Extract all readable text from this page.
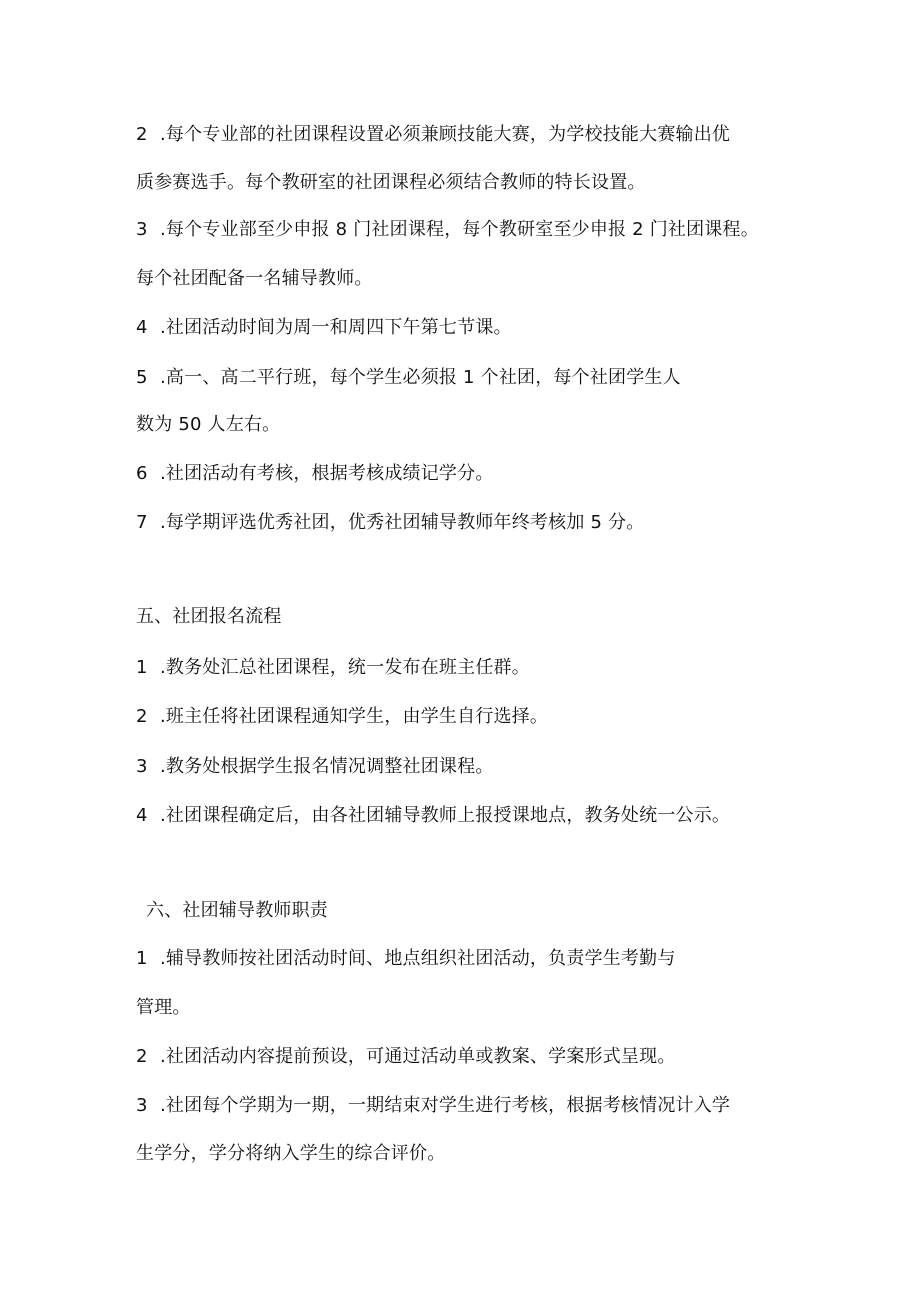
2 .每个专业部的社团课程设置必须兼顾技能大赛，为学校技能大赛输出优
质参赛选手。每个教研室的社团课程必须结合教师的特长设置。
3 .每个专业部至少申报 8 门社团课程，每个教研室至少申报 2 门社团课程。
每个社团配备一名辅导教师。
4 .社团活动时间为周一和周四下午第七节课。
5 .高一、高二平行班，每个学生必须报 1 个社团，每个社团学生人
数为 50 人左右。
6 .社团活动有考核，根据考核成绩记学分。
7 .每学期评选优秀社团，优秀社团辅导教师年终考核加 5 分。
五、社团报名流程
1 .教务处汇总社团课程，统一发布在班主任群。
2 .班主任将社团课程通知学生，由学生自行选择。
3 .教务处根据学生报名情况调整社团课程。
4 .社团课程确定后，由各社团辅导教师上报授课地点，教务处统一公示。
六、社团辅导教师职责
1 .辅导教师按社团活动时间、地点组织社团活动，负责学生考勤与
管理。
2 .社团活动内容提前预设，可通过活动单或教案、学案形式呈现。
3 .社团每个学期为一期，一期结束对学生进行考核，根据考核情况计入学
生学分，学分将纳入学生的综合评价。
